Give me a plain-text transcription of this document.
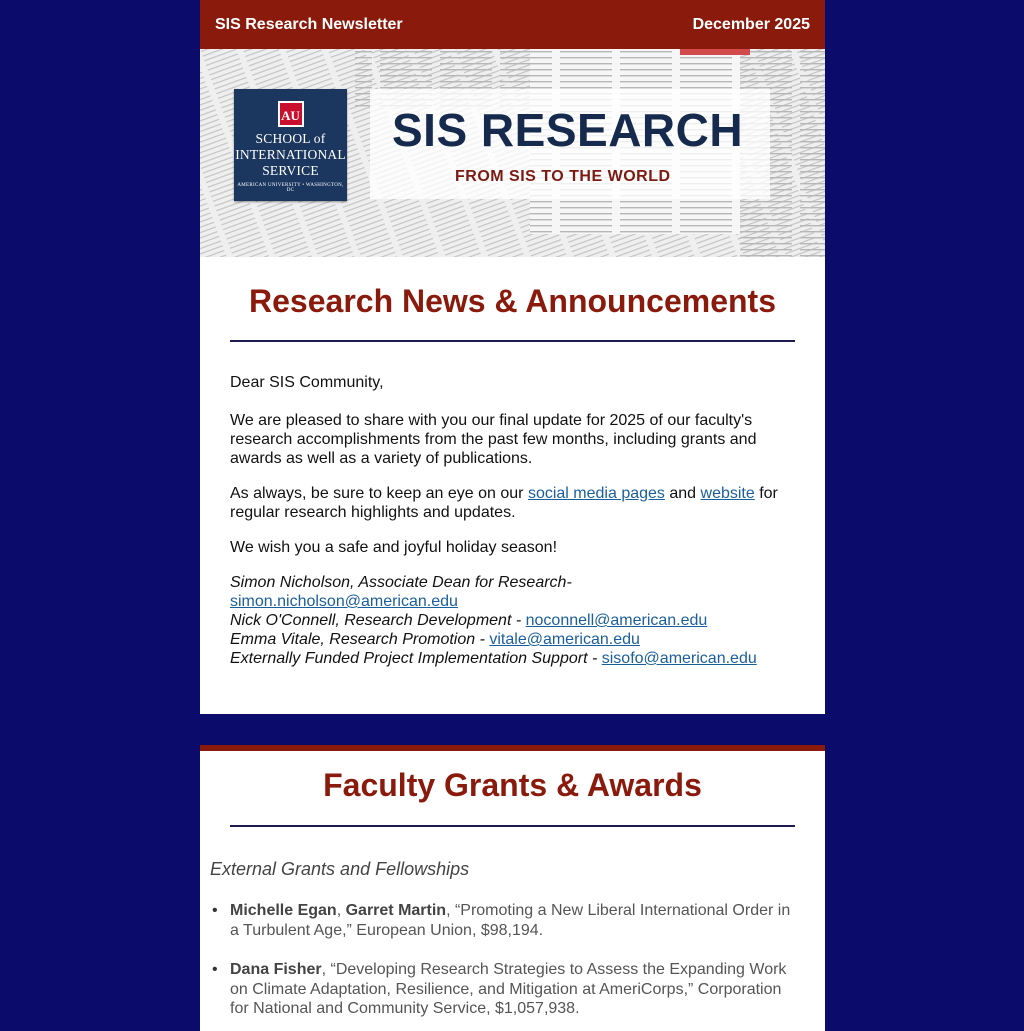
SIS Research Newsletter	December 2025
AU
SCHOOL of
INTERNATIONAL
SERVICE
AMERICAN UNIVERSITY • WASHINGTON, DC
SIS RESEARCH
FROM SIS TO THE WORLD
Research News & Announcements

Dear SIS Community,

We are pleased to share with you our final update for 2025 of our faculty's research accomplishments from the past few months, including grants and awards as well as a variety of publications.

As always, be sure to keep an eye on our social media pages and website for regular research highlights and updates.

We wish you a safe and joyful holiday season!

Simon Nicholson, Associate Dean for Research-
simon.nicholson@american.edu
Nick O'Connell, Research Development - noconnell@american.edu
Emma Vitale, Research Promotion - vitale@american.edu
Externally Funded Project Implementation Support - sisofo@american.edu
Faculty Grants & Awards
External Grants and Fellowships
• Michelle Egan, Garret Martin, “Promoting a New Liberal International Order in a Turbulent Age,” European Union, $98,194.
• Dana Fisher, “Developing Research Strategies to Assess the Expanding Work on Climate Adaptation, Resilience, and Mitigation at AmeriCorps,” Corporation for National and Community Service, $1,057,938.
